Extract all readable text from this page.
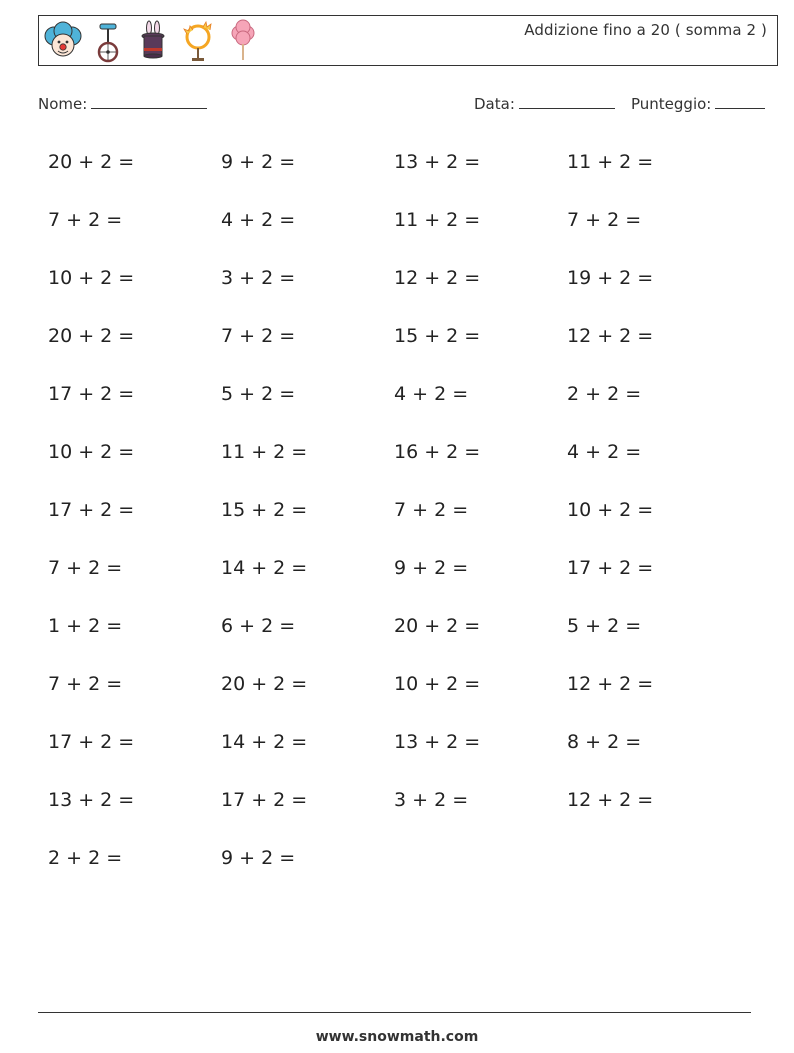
Addizione fino a 20 ( somma 2 )
Nome:	Data:	Punteggio:
20 + 2 =	9 + 2 =	13 + 2 =	11 + 2 =
7 + 2 =	4 + 2 =	11 + 2 =	7 + 2 =
10 + 2 =	3 + 2 =	12 + 2 =	19 + 2 =
20 + 2 =	7 + 2 =	15 + 2 =	12 + 2 =
17 + 2 =	5 + 2 =	4 + 2 =	2 + 2 =
10 + 2 =	11 + 2 =	16 + 2 =	4 + 2 =
17 + 2 =	15 + 2 =	7 + 2 =	10 + 2 =
7 + 2 =	14 + 2 =	9 + 2 =	17 + 2 =
1 + 2 =	6 + 2 =	20 + 2 =	5 + 2 =
7 + 2 =	20 + 2 =	10 + 2 =	12 + 2 =
17 + 2 =	14 + 2 =	13 + 2 =	8 + 2 =
13 + 2 =	17 + 2 =	3 + 2 =	12 + 2 =
2 + 2 =	9 + 2 =
www.snowmath.com
